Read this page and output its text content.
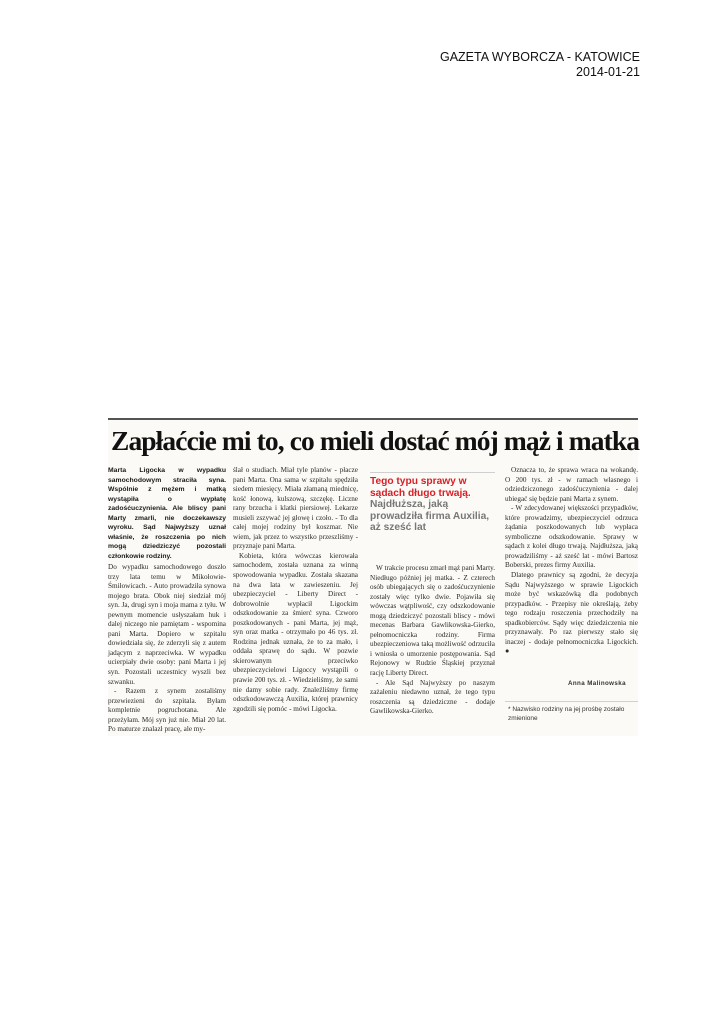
GAZETA WYBORCZA - KATOWICE
2014-01-21
Zapłaćcie mi to, co mieli dostać mój mąż i matka

Marta Ligocka w wypadku samochodowym straciła syna. Wspólnie z mężem i matką wystąpiła o wypłatę zadośćuczynienia. Ale bliscy pani Marty zmarli, nie doczekawszy wyroku. Sąd Najwyższy uznał właśnie, że roszczenia po nich mogą dziedziczyć pozostali członkowie rodziny.

Do wypadku samochodowego doszło trzy lata temu w Mikołowie-Śmiłowicach. - Auto prowadziła synowa mojego brata. Obok niej siedział mój syn. Ja, drugi syn i moja mama z tyłu. W pewnym momencie usłyszałam huk i dalej niczego nie pamiętam - wspomina pani Marta. Dopiero w szpitalu dowiedziała się, że zderzyli się z autem jadącym z naprzeciwka. W wypadku ucierpiały dwie osoby: pani Marta i jej syn. Pozostali uczestnicy wyszli bez szwanku.

- Razem z synem zostaliśmy przewiezieni do szpitala. Byłam kompletnie pogruchotana. Ale przeżyłam. Mój syn już nie. Miał 20 lat. Po maturze znalazł pracę, ale my-

ślał o studiach. Miał tyle planów - płacze pani Marta. Ona sama w szpitalu spędziła siedem miesięcy. Miała złamaną miednicę, kość łonową, kulszową, szczękę. Liczne rany brzucha i klatki piersiowej. Lekarze musieli zszywać jej głowę i czoło. - To dla całej mojej rodziny był koszmar. Nie wiem, jak przez to wszystko przeszliśmy - przyznaje pani Marta.

Kobieta, która wówczas kierowała samochodem, została uznana za winną spowodowania wypadku. Została skazana na dwa lata w zawieszeniu. Jej ubezpieczyciel - Liberty Direct - dobrowolnie wypłacił Ligockim odszkodowanie za śmierć syna. Czworo poszkodowanych - pani Marta, jej mąż, syn oraz matka - otrzymało po 46 tys. zł. Rodzina jednak uznała, że to za mało, i oddała sprawę do sądu. W pozwie skierowanym przeciwko ubezpieczycielowi Ligoccy wystąpili o prawie 200 tys. zł. - Wiedzieliśmy, że sami nie damy sobie rady. Znaleźliśmy firmę odszkodowawczą Auxilia, której prawnicy zgodzili się pomóc - mówi Ligocka.

Tego typu sprawy w sądach długo trwają.
Najdłuższa, jaką prowadziła firma Auxilia, aż sześć lat

W trakcie procesu zmarł mąż pani Marty. Niedługo później jej matka. - Z czterech osób ubiegających się o zadośćuczynienie zostały więc tylko dwie. Pojawiła się wówczas wątpliwość, czy odszkodowanie mogą dziedziczyć pozostali bliscy - mówi mecenas Barbara Gawlikowska-Gierko, pełnomocniczka rodziny. Firma ubezpieczeniowa taką możliwość odrzuciła i wniosła o umorzenie postępowania. Sąd Rejonowy w Rudzie Śląskiej przyznał rację Liberty Direct.

- Ale Sąd Najwyższy po naszym zażaleniu niedawno uznał, że tego typu roszczenia są dziedziczne - dodaje Gawlikowska-Gierko.

Oznacza to, że sprawa wraca na wokandę. O 200 tys. zł - w ramach własnego i odziedziczonego zadośćuczynienia - dalej ubiegać się będzie pani Marta z synem.

- W zdecydowanej większości przypadków, które prowadzimy, ubezpieczyciel odrzuca żądania poszkodowanych lub wypłaca symboliczne odszkodowanie. Sprawy w sądach z kolei długo trwają. Najdłuższa, jaką prowadziliśmy - aż sześć lat - mówi Bartosz Boberski, prezes firmy Auxilia.

Dlatego prawnicy są zgodni, że decyzja Sądu Najwyższego w sprawie Ligockich może być wskazówką dla podobnych przypadków. - Przepisy nie określają, żeby tego rodzaju roszczenia przechodziły na spadkobierców. Sądy więc dziedziczenia nie przyznawały. Po raz pierwszy stało się inaczej - dodaje pełnomocniczka Ligockich. ●

Anna Malinowska
* Nazwisko rodziny na jej prośbę zostało zmienione
